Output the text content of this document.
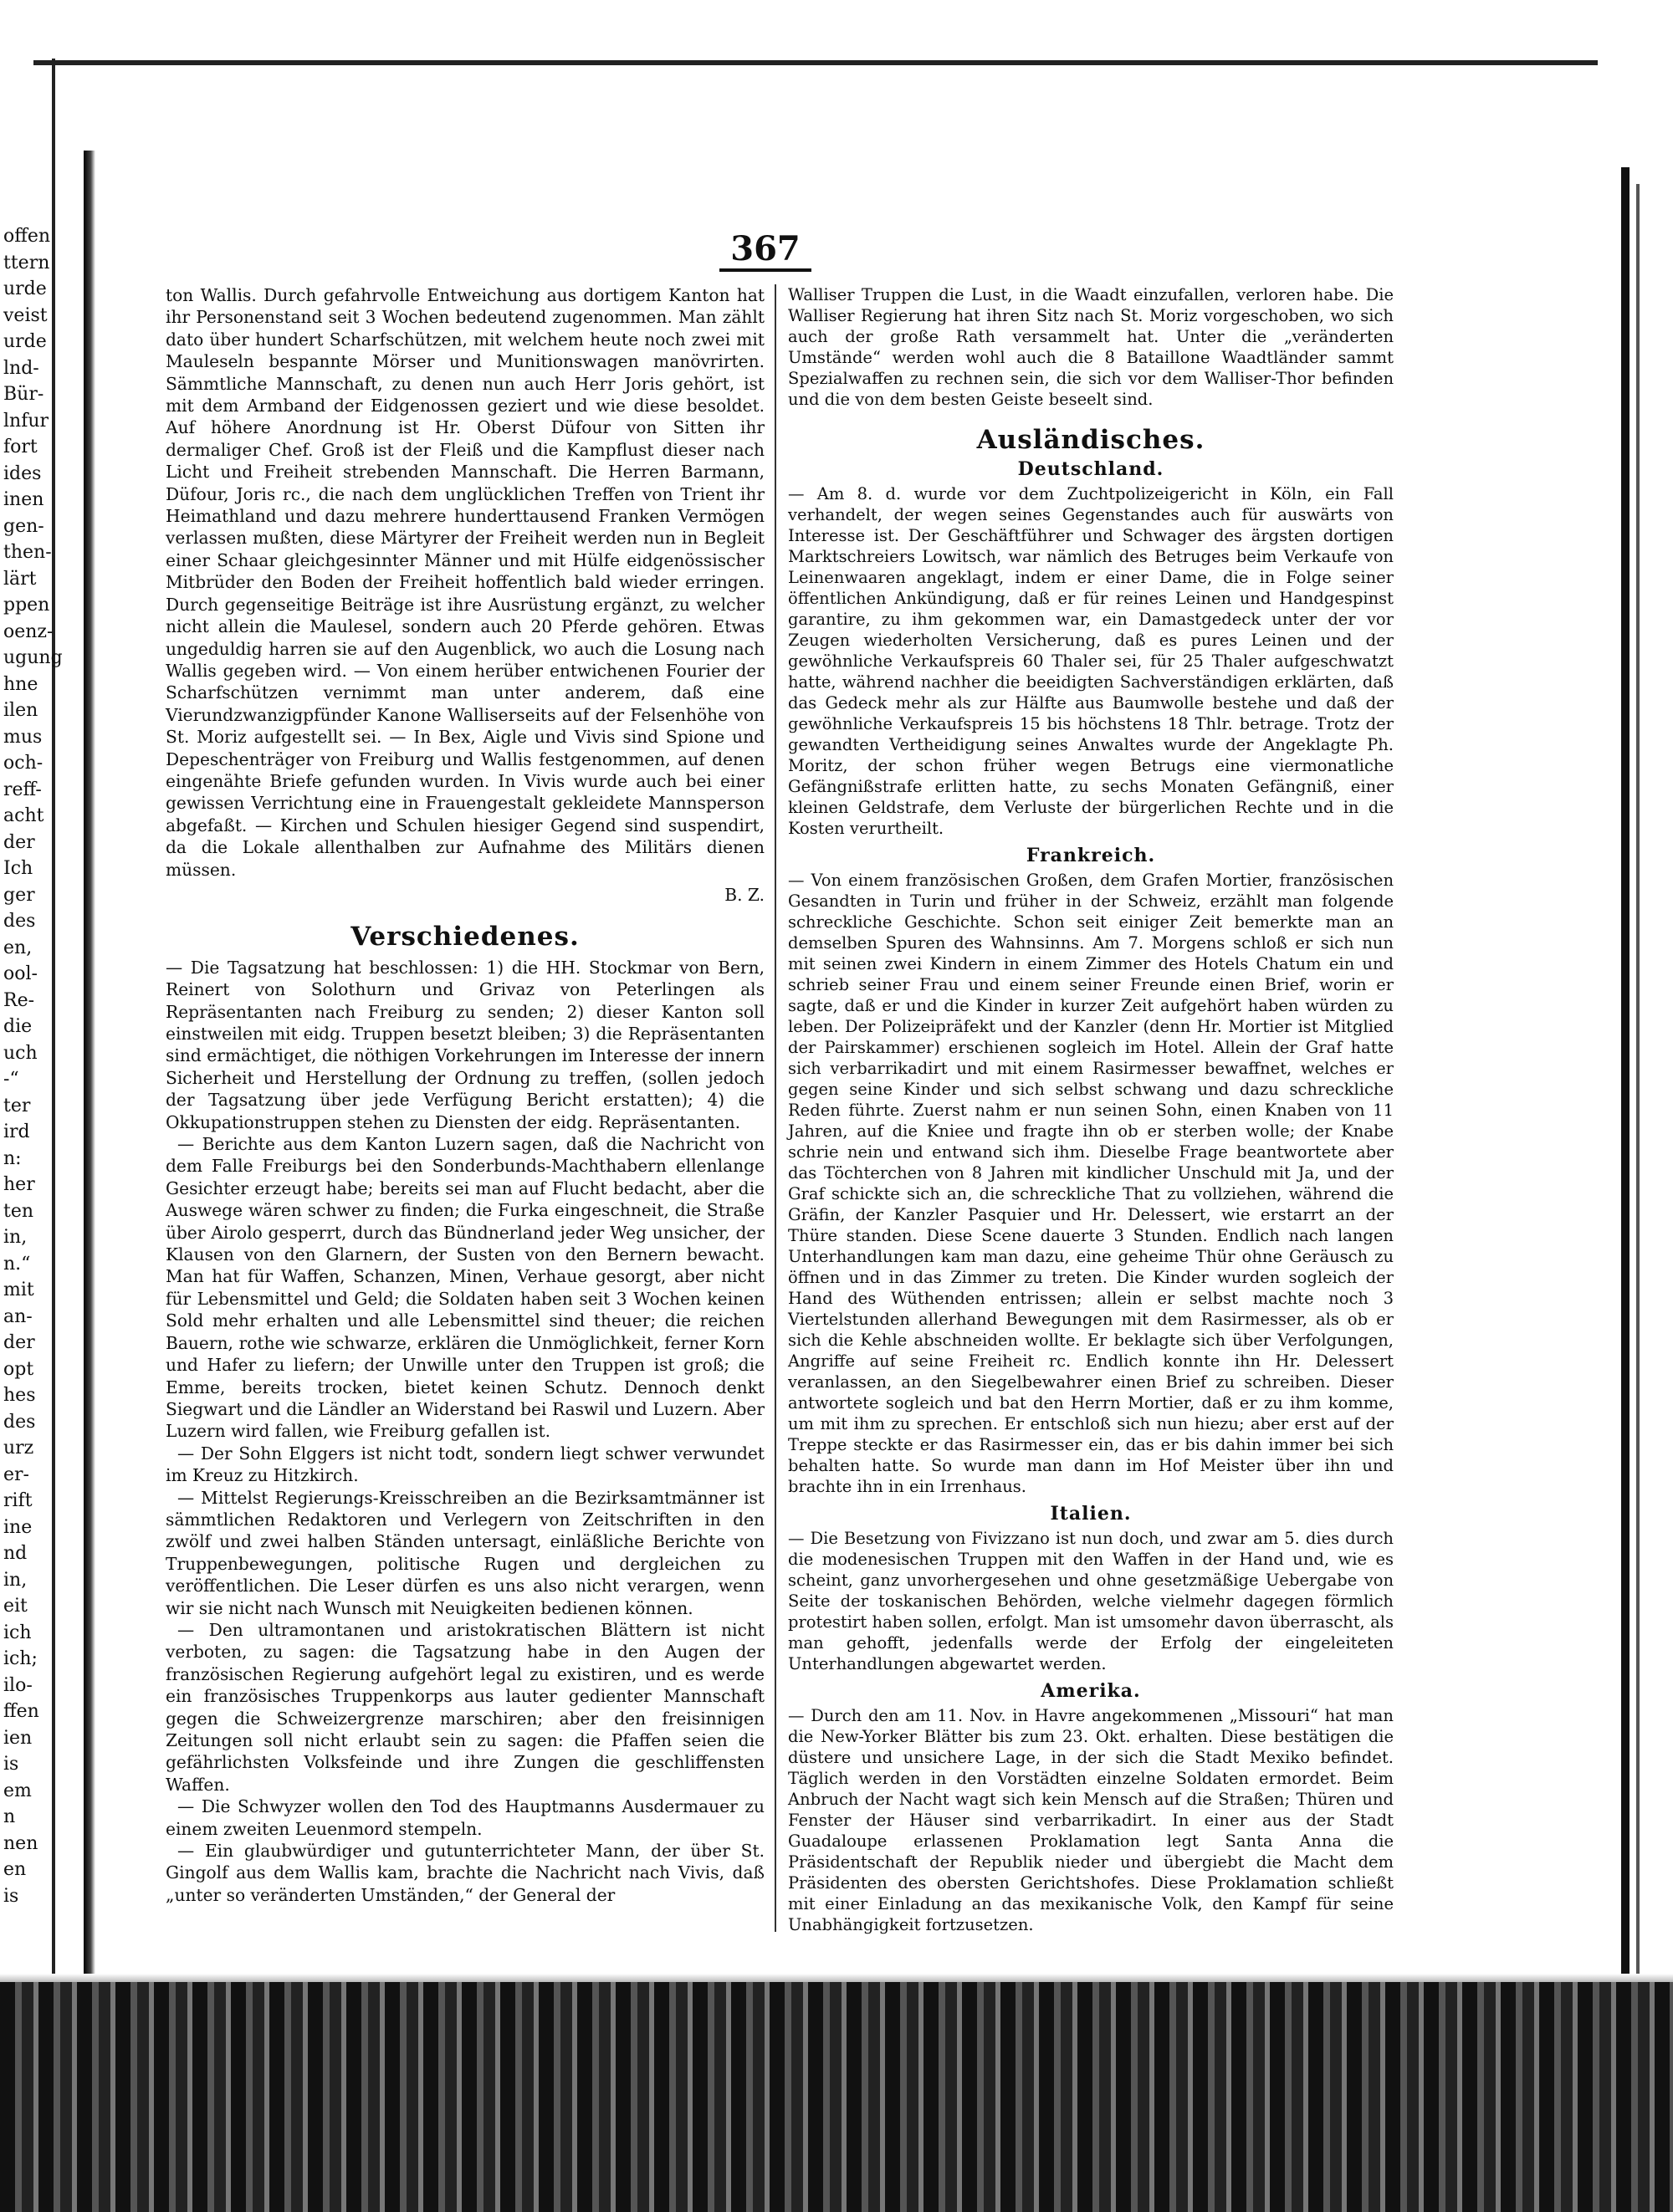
offen
ttern
urde
veist
urde
lnd-
Bür-
lnfur
fort
ides
inen
gen-
then-
lärt
ppen
oenz-
ugung
hne
ilen
mus
och-
reff-
acht
der
Ich
ger
des
en,
ool-
Re-
die
uch
-“
ter
ird
n:
her
ten
in,
n.“
mit
an-
der
opt
hes
des
urz
er-
rift
ine
nd
in,
eit
ich
ich;
ilo-
ffen
ien
is
em
n
nen
en
is
367

ton Wallis. Durch gefahrvolle Entweichung aus dortigem Kanton hat ihr Personenstand seit 3 Wochen bedeutend zugenommen. Man zählt dato über hundert Scharfschützen, mit welchem heute noch zwei mit Mauleseln bespannte Mörser und Munitionswagen manövrirten. Sämmtliche Mannschaft, zu denen nun auch Herr Joris gehört, ist mit dem Armband der Eidgenossen geziert und wie diese besoldet. Auf höhere Anordnung ist Hr. Oberst Düfour von Sitten ihr dermaliger Chef. Groß ist der Fleiß und die Kampflust dieser nach Licht und Freiheit strebenden Mannschaft. Die Herren Barmann, Düfour, Joris rc., die nach dem unglücklichen Treffen von Trient ihr Heimathland und dazu mehrere hunderttausend Franken Vermögen verlassen mußten, diese Märtyrer der Freiheit werden nun in Begleit einer Schaar gleichgesinnter Männer und mit Hülfe eidgenössischer Mitbrüder den Boden der Freiheit hoffentlich bald wieder erringen. Durch gegenseitige Beiträge ist ihre Ausrüstung ergänzt, zu welcher nicht allein die Maulesel, sondern auch 20 Pferde gehören. Etwas ungeduldig harren sie auf den Augenblick, wo auch die Losung nach Wallis gegeben wird. — Von einem herüber entwichenen Fourier der Scharfschützen vernimmt man unter anderem, daß eine Vierundzwanzigpfünder Kanone Walliserseits auf der Felsenhöhe von St. Moriz aufgestellt sei. — In Bex, Aigle und Vivis sind Spione und Depeschenträger von Freiburg und Wallis festgenommen, auf denen eingenähte Briefe gefunden wurden. In Vivis wurde auch bei einer gewissen Verrichtung eine in Frauengestalt gekleidete Mannsperson abgefaßt. — Kirchen und Schulen hiesiger Gegend sind suspendirt, da die Lokale allenthalben zur Aufnahme des Militärs dienen müssen.

B. Z.

Verschiedenes.

— Die Tagsatzung hat beschlossen: 1) die HH. Stockmar von Bern, Reinert von Solothurn und Grivaz von Peterlingen als Repräsentanten nach Freiburg zu senden; 2) dieser Kanton soll einstweilen mit eidg. Truppen besetzt bleiben; 3) die Repräsentanten sind ermächtiget, die nöthigen Vorkehrungen im Interesse der innern Sicherheit und Herstellung der Ordnung zu treffen, (sollen jedoch der Tagsatzung über jede Verfügung Bericht erstatten); 4) die Okkupationstruppen stehen zu Diensten der eidg. Repräsentanten.

— Berichte aus dem Kanton Luzern sagen, daß die Nachricht von dem Falle Freiburgs bei den Sonderbunds-Machthabern ellenlange Gesichter erzeugt habe; bereits sei man auf Flucht bedacht, aber die Auswege wären schwer zu finden; die Furka eingeschneit, die Straße über Airolo gesperrt, durch das Bündnerland jeder Weg unsicher, der Klausen von den Glarnern, der Susten von den Bernern bewacht. Man hat für Waffen, Schanzen, Minen, Verhaue gesorgt, aber nicht für Lebensmittel und Geld; die Soldaten haben seit 3 Wochen keinen Sold mehr erhalten und alle Lebensmittel sind theuer; die reichen Bauern, rothe wie schwarze, erklären die Unmöglichkeit, ferner Korn und Hafer zu liefern; der Unwille unter den Truppen ist groß; die Emme, bereits trocken, bietet keinen Schutz. Dennoch denkt Siegwart und die Ländler an Widerstand bei Raswil und Luzern. Aber Luzern wird fallen, wie Freiburg gefallen ist.

— Der Sohn Elggers ist nicht todt, sondern liegt schwer verwundet im Kreuz zu Hitzkirch.

— Mittelst Regierungs-Kreisschreiben an die Bezirksamtmänner ist sämmtlichen Redaktoren und Verlegern von Zeitschriften in den zwölf und zwei halben Ständen untersagt, einläßliche Berichte von Truppenbewegungen, politische Rugen und dergleichen zu veröffentlichen. Die Leser dürfen es uns also nicht verargen, wenn wir sie nicht nach Wunsch mit Neuigkeiten bedienen können.

— Den ultramontanen und aristokratischen Blättern ist nicht verboten, zu sagen: die Tagsatzung habe in den Augen der französischen Regierung aufgehört legal zu existiren, und es werde ein französisches Truppenkorps aus lauter gedienter Mannschaft gegen die Schweizergrenze marschiren; aber den freisinnigen Zeitungen soll nicht erlaubt sein zu sagen: die Pfaffen seien die gefährlichsten Volksfeinde und ihre Zungen die geschliffensten Waffen.

— Die Schwyzer wollen den Tod des Hauptmanns Ausdermauer zu einem zweiten Leuenmord stempeln.

— Ein glaubwürdiger und gutunterrichteter Mann, der über St. Gingolf aus dem Wallis kam, brachte die Nachricht nach Vivis, daß „unter so veränderten Umständen,“ der General der

Walliser Truppen die Lust, in die Waadt einzufallen, verloren habe. Die Walliser Regierung hat ihren Sitz nach St. Moriz vorgeschoben, wo sich auch der große Rath versammelt hat. Unter die „veränderten Umstände“ werden wohl auch die 8 Bataillone Waadtländer sammt Spezialwaffen zu rechnen sein, die sich vor dem Walliser-Thor befinden und die von dem besten Geiste beseelt sind.

Ausländisches.
Deutschland.

— Am 8. d. wurde vor dem Zuchtpolizeigericht in Köln, ein Fall verhandelt, der wegen seines Gegenstandes auch für auswärts von Interesse ist. Der Geschäftführer und Schwager des ärgsten dortigen Marktschreiers Lowitsch, war nämlich des Betruges beim Verkaufe von Leinenwaaren angeklagt, indem er einer Dame, die in Folge seiner öffentlichen Ankündigung, daß er für reines Leinen und Handgespinst garantire, zu ihm gekommen war, ein Damastgedeck unter der vor Zeugen wiederholten Versicherung, daß es pures Leinen und der gewöhnliche Verkaufspreis 60 Thaler sei, für 25 Thaler aufgeschwatzt hatte, während nachher die beeidigten Sachverständigen erklärten, daß das Gedeck mehr als zur Hälfte aus Baumwolle bestehe und daß der gewöhnliche Verkaufspreis 15 bis höchstens 18 Thlr. betrage. Trotz der gewandten Vertheidigung seines Anwaltes wurde der Angeklagte Ph. Moritz, der schon früher wegen Betrugs eine viermonatliche Gefängnißstrafe erlitten hatte, zu sechs Monaten Gefängniß, einer kleinen Geldstrafe, dem Verluste der bürgerlichen Rechte und in die Kosten verurtheilt.

Frankreich.

— Von einem französischen Großen, dem Grafen Mortier, französischen Gesandten in Turin und früher in der Schweiz, erzählt man folgende schreckliche Geschichte. Schon seit einiger Zeit bemerkte man an demselben Spuren des Wahnsinns. Am 7. Morgens schloß er sich nun mit seinen zwei Kindern in einem Zimmer des Hotels Chatum ein und schrieb seiner Frau und einem seiner Freunde einen Brief, worin er sagte, daß er und die Kinder in kurzer Zeit aufgehört haben würden zu leben. Der Polizeipräfekt und der Kanzler (denn Hr. Mortier ist Mitglied der Pairskammer) erschienen sogleich im Hotel. Allein der Graf hatte sich verbarrikadirt und mit einem Rasirmesser bewaffnet, welches er gegen seine Kinder und sich selbst schwang und dazu schreckliche Reden führte. Zuerst nahm er nun seinen Sohn, einen Knaben von 11 Jahren, auf die Kniee und fragte ihn ob er sterben wolle; der Knabe schrie nein und entwand sich ihm. Dieselbe Frage beantwortete aber das Töchterchen von 8 Jahren mit kindlicher Unschuld mit Ja, und der Graf schickte sich an, die schreckliche That zu vollziehen, während die Gräfin, der Kanzler Pasquier und Hr. Delessert, wie erstarrt an der Thüre standen. Diese Scene dauerte 3 Stunden. Endlich nach langen Unterhandlungen kam man dazu, eine geheime Thür ohne Geräusch zu öffnen und in das Zimmer zu treten. Die Kinder wurden sogleich der Hand des Wüthenden entrissen; allein er selbst machte noch 3 Viertelstunden allerhand Bewegungen mit dem Rasirmesser, als ob er sich die Kehle abschneiden wollte. Er beklagte sich über Verfolgungen, Angriffe auf seine Freiheit rc. Endlich konnte ihn Hr. Delessert veranlassen, an den Siegelbewahrer einen Brief zu schreiben. Dieser antwortete sogleich und bat den Herrn Mortier, daß er zu ihm komme, um mit ihm zu sprechen. Er entschloß sich nun hiezu; aber erst auf der Treppe steckte er das Rasirmesser ein, das er bis dahin immer bei sich behalten hatte. So wurde man dann im Hof Meister über ihn und brachte ihn in ein Irrenhaus.

Italien.

— Die Besetzung von Fivizzano ist nun doch, und zwar am 5. dies durch die modenesischen Truppen mit den Waffen in der Hand und, wie es scheint, ganz unvorhergesehen und ohne gesetzmäßige Uebergabe von Seite der toskanischen Behörden, welche vielmehr dagegen förmlich protestirt haben sollen, erfolgt. Man ist umsomehr davon überrascht, als man gehofft, jedenfalls werde der Erfolg der eingeleiteten Unterhandlungen abgewartet werden.

Amerika.

— Durch den am 11. Nov. in Havre angekommenen „Missouri“ hat man die New-Yorker Blätter bis zum 23. Okt. erhalten. Diese bestätigen die düstere und unsichere Lage, in der sich die Stadt Mexiko befindet. Täglich werden in den Vorstädten einzelne Soldaten ermordet. Beim Anbruch der Nacht wagt sich kein Mensch auf die Straßen; Thüren und Fenster der Häuser sind verbarrikadirt. In einer aus der Stadt Guadaloupe erlassenen Proklamation legt Santa Anna die Präsidentschaft der Republik nieder und übergiebt die Macht dem Präsidenten des obersten Gerichtshofes. Diese Proklamation schließt mit einer Einladung an das mexikanische Volk, den Kampf für seine Unabhängigkeit fortzusetzen.
